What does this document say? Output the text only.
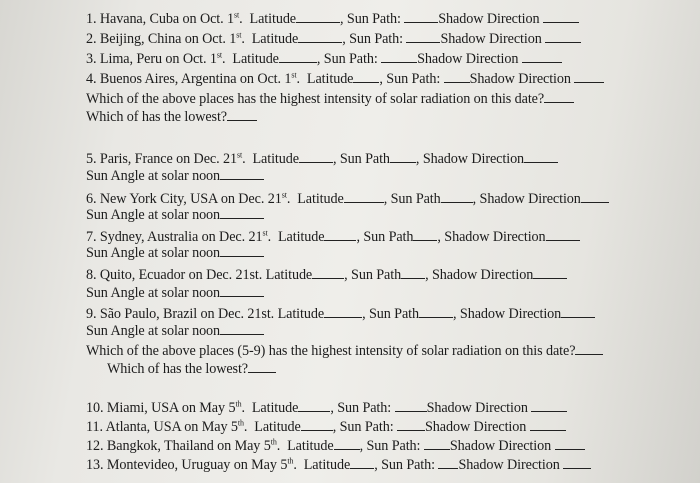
1. Havana, Cuba on Oct. 1st. Latitude	, Sun Path:	Shadow Direction
2. Beijing, China on Oct. 1st. Latitude	, Sun Path:	Shadow Direction
3. Lima, Peru on Oct. 1st. Latitude	, Sun Path:	Shadow Direction
4. Buenos Aires, Argentina on Oct. 1st. Latitude , Sun Path: Shadow Direction
Which of the above places has the highest intensity of solar radiation on this date?
Which of has the lowest?
5. Paris, France on Dec. 21st. Latitude , Sun Path , Shadow Direction
Sun Angle at solar noon
6. New York City, USA on Dec. 21st. Latitude	, Sun Path , Shadow Direction
Sun Angle at solar noon
7. Sydney, Australia on Dec. 21st. Latitude , Sun Path , Shadow Direction
Sun Angle at solar noon
8. Quito, Ecuador on Dec. 21st. Latitude , Sun Path , Shadow Direction
Sun Angle at solar noon
9. São Paulo, Brazil on Dec. 21st. Latitude	, Sun Path , Shadow Direction
Sun Angle at solar noon
Which of the above places (5-9) has the highest intensity of solar radiation on this date?
Which of has the lowest?
10. Miami, USA on May 5th. Latitude , Sun Path: Shadow Direction
11. Atlanta, USA on May 5th. Latitude , Sun Path: Shadow Direction
12. Bangkok, Thailand on May 5th. Latitude , Sun Path: Shadow Direction
13. Montevideo, Uruguay on May 5th. Latitude , Sun Path: Shadow Direction
